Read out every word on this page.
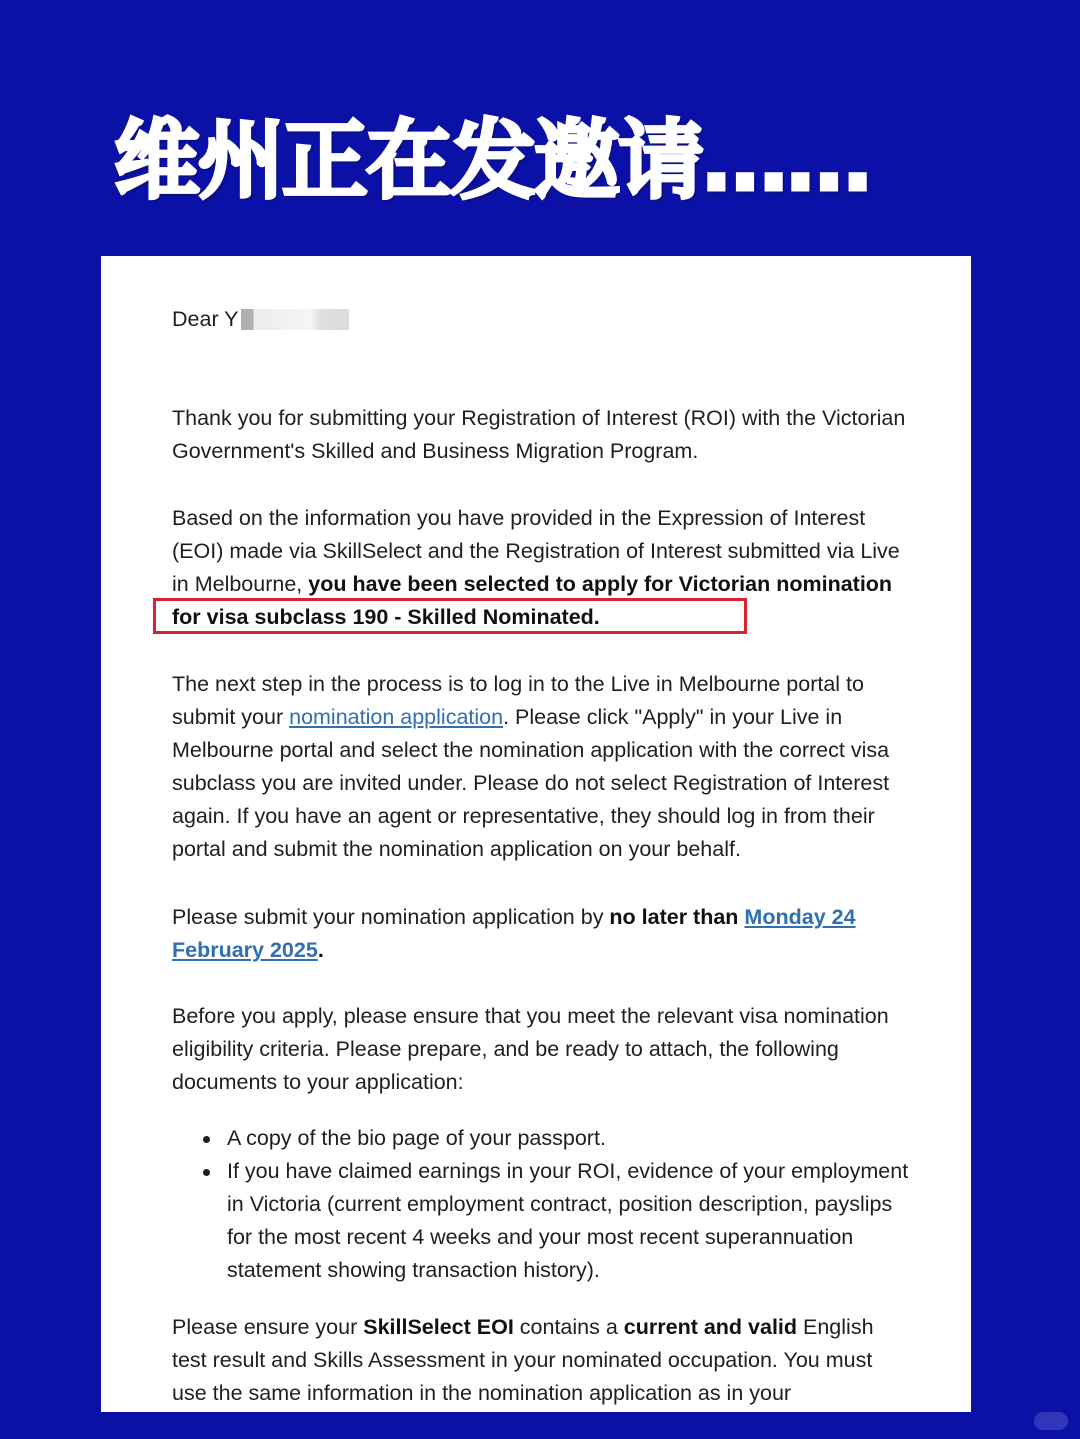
维州正在发邀请……

Dear Y

Thank you for submitting your Registration of Interest (ROI) with the Victorian Government's Skilled and Business Migration Program.

Based on the information you have provided in the Expression of Interest (EOI) made via SkillSelect and the Registration of Interest submitted via Live in Melbourne, you have been selected to apply for Victorian nomination for visa subclass 190 - Skilled Nominated.

The next step in the process is to log in to the Live in Melbourne portal to submit your nomination application. Please click "Apply" in your Live in Melbourne portal and select the nomination application with the correct visa subclass you are invited under. Please do not select Registration of Interest again. If you have an agent or representative, they should log in from their portal and submit the nomination application on your behalf.

Please submit your nomination application by no later than Monday 24 February 2025.

Before you apply, please ensure that you meet the relevant visa nomination eligibility criteria. Please prepare, and be ready to attach, the following documents to your application:

A copy of the bio page of your passport.
If you have claimed earnings in your ROI, evidence of your employment in Victoria (current employment contract, position description, payslips for the most recent 4 weeks and your most recent superannuation statement showing transaction history).

Please ensure your SkillSelect EOI contains a current and valid English test result and Skills Assessment in your nominated occupation. You must use the same information in the nomination application as in your
